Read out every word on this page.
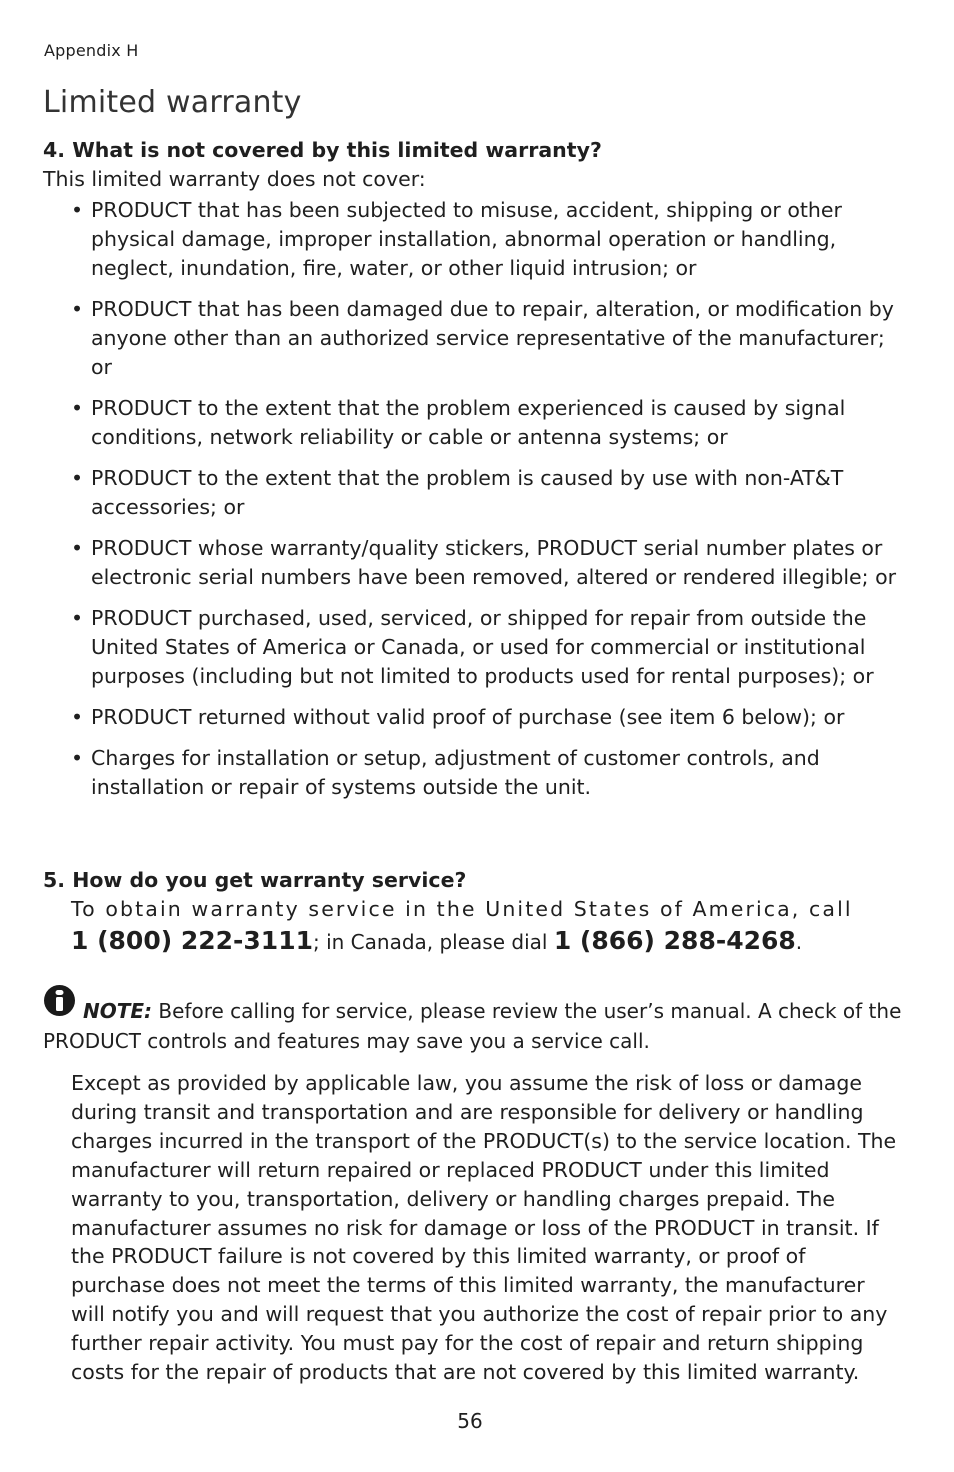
Appendix H
Limited warranty
4. What is not covered by this limited warranty?
This limited warranty does not cover:
• PRODUCT that has been subjected to misuse, accident, shipping or other physical damage, improper installation, abnormal operation or handling, neglect, inundation, fire, water, or other liquid intrusion; or
• PRODUCT that has been damaged due to repair, alteration, or modification by anyone other than an authorized service representative of the manufacturer; or
• PRODUCT to the extent that the problem experienced is caused by signal conditions, network reliability or cable or antenna systems; or
• PRODUCT to the extent that the problem is caused by use with non-AT&T accessories; or
• PRODUCT whose warranty/quality stickers, PRODUCT serial number plates or electronic serial numbers have been removed, altered or rendered illegible; or
• PRODUCT purchased, used, serviced, or shipped for repair from outside the United States of America or Canada, or used for commercial or institutional purposes (including but not limited to products used for rental purposes); or
• PRODUCT returned without valid proof of purchase (see item 6 below); or
• Charges for installation or setup, adjustment of customer controls, and installation or repair of systems outside the unit.
5. How do you get warranty service?
To obtain warranty service in the United States of America, call
1 (800) 222-3111; in Canada, please dial 1 (866) 288-4268.

NOTE: Before calling for service, please review the user’s manual. A check of the PRODUCT controls and features may save you a service call.

Except as provided by applicable law, you assume the risk of loss or damage during transit and transportation and are responsible for delivery or handling charges incurred in the transport of the PRODUCT(s) to the service location. The manufacturer will return repaired or replaced PRODUCT under this limited warranty to you, transportation, delivery or handling charges prepaid. The manufacturer assumes no risk for damage or loss of the PRODUCT in transit. If the PRODUCT failure is not covered by this limited warranty, or proof of purchase does not meet the terms of this limited warranty, the manufacturer will notify you and will request that you authorize the cost of repair prior to any further repair activity. You must pay for the cost of repair and return shipping costs for the repair of products that are not covered by this limited warranty.

56
